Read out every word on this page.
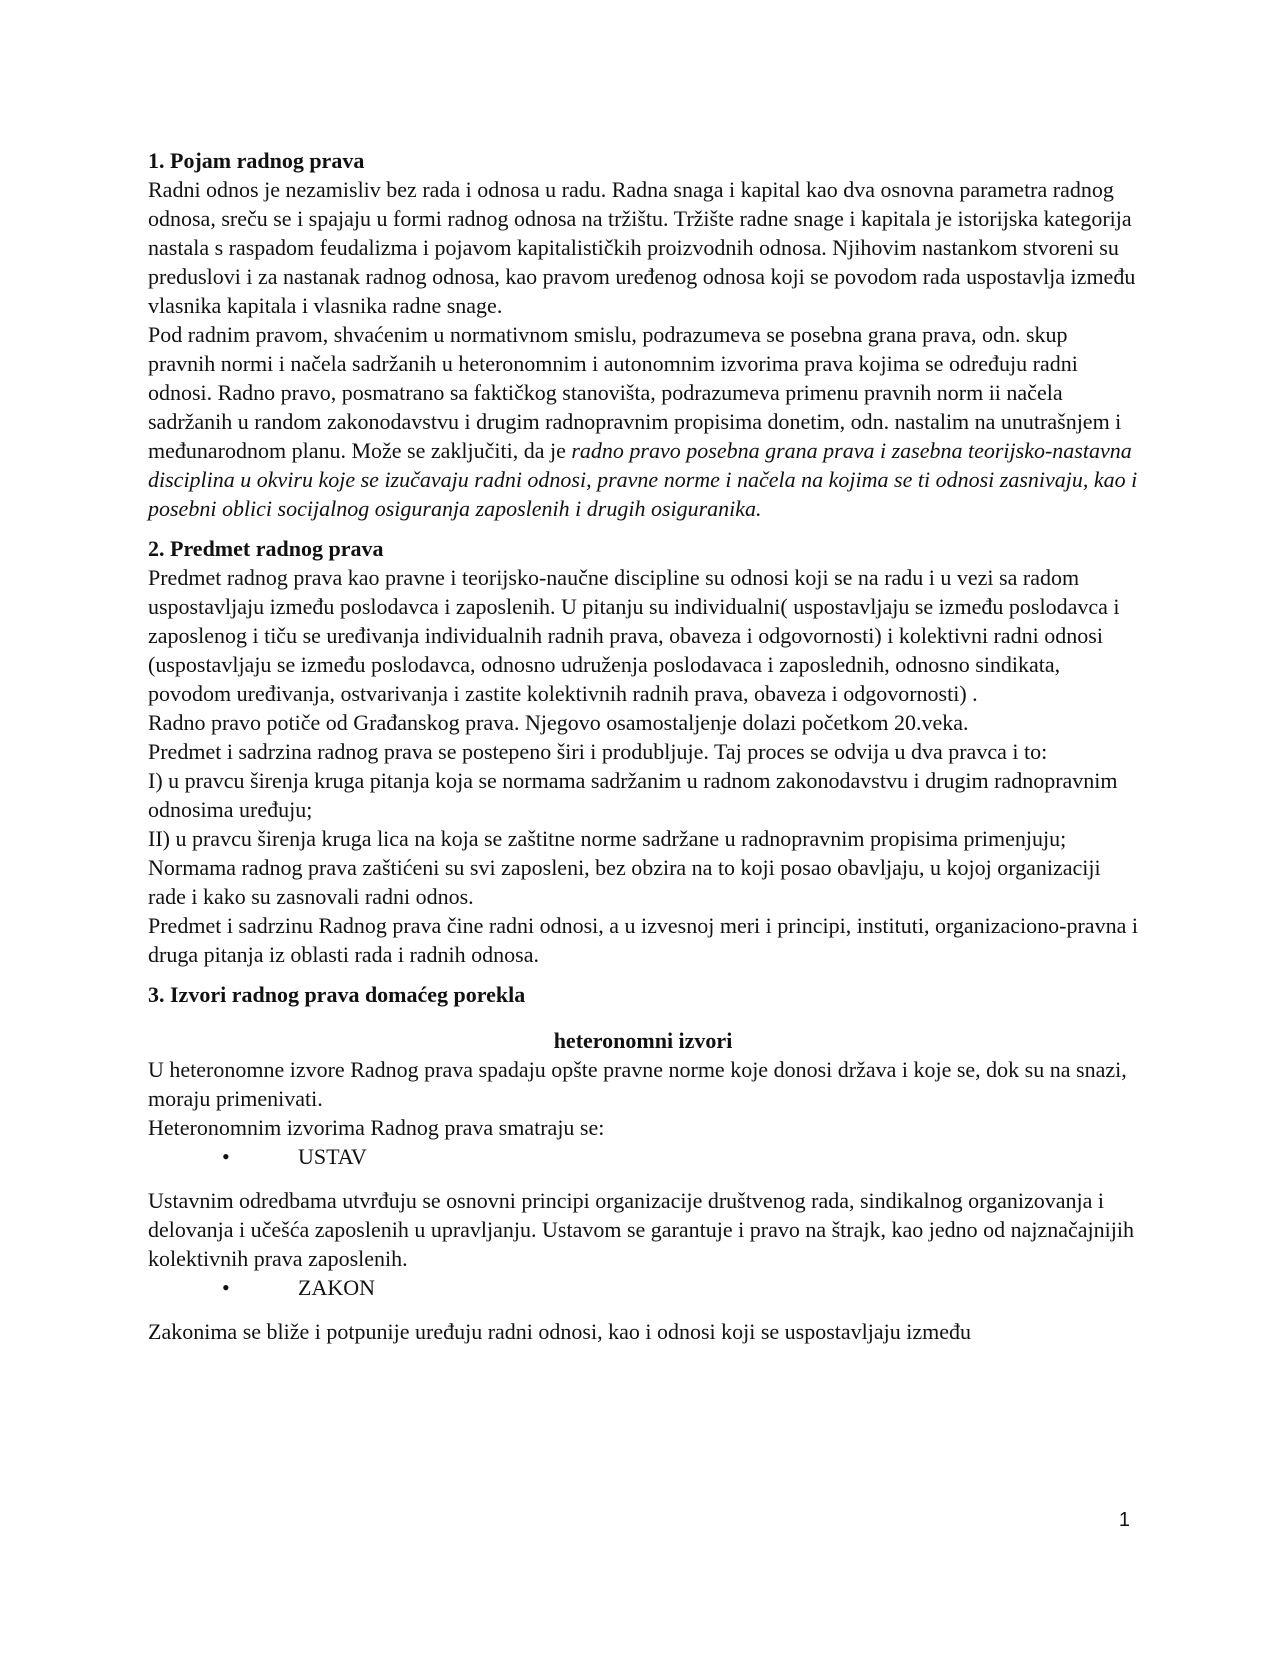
1. Pojam radnog prava

Radni odnos je nezamisliv bez rada i odnosa u radu. Radna snaga i kapital kao dva osnovna parametra radnog odnosa, sreču se i spajaju u formi radnog odnosa na tržištu. Tržište radne snage i kapitala je istorijska kategorija nastala s raspadom feudalizma i pojavom kapitalističkih proizvodnih odnosa. Njihovim nastankom stvoreni su preduslovi i za nastanak radnog odnosa, kao pravom uređenog odnosa koji se povodom rada uspostavlja između vlasnika kapitala i vlasnika radne snage.

Pod radnim pravom, shvaćenim u normativnom smislu, podrazumeva se posebna grana prava, odn. skup pravnih normi i načela sadržanih u heteronomnim i autonomnim izvorima prava kojima se određuju radni odnosi. Radno pravo, posmatrano sa faktičkog stanovišta, podrazumeva primenu pravnih norm ii načela sadržanih u random zakonodavstvu i drugim radnopravnim propisima donetim, odn. nastalim na unutrašnjem i međunarodnom planu. Može se zaključiti, da je radno pravo posebna grana prava i zasebna teorijsko-nastavna disciplina u okviru koje se izučavaju radni odnosi, pravne norme i načela na kojima se ti odnosi zasnivaju, kao i posebni oblici socijalnog osiguranja zaposlenih i drugih osiguranika.

2. Predmet radnog prava

Predmet radnog prava kao pravne i teorijsko-naučne discipline su odnosi koji se na radu i u vezi sa radom uspostavljaju između poslodavca i zaposlenih. U pitanju su individualni( uspostavljaju se između poslodavca i zaposlenog i tiču se uređivanja individualnih radnih prava, obaveza i odgovornosti) i kolektivni radni odnosi (uspostavljaju se između poslodavca, odnosno udruženja poslodavaca i zaposlednih, odnosno sindikata, povodom uređivanja, ostvarivanja i zastite kolektivnih radnih prava, obaveza i odgovornosti) .

Radno pravo potiče od Građanskog prava. Njegovo osamostaljenje dolazi početkom 20.veka.

Predmet i sadrzina radnog prava se postepeno širi i produbljuje. Taj proces se odvija u dva pravca i to:

I) u pravcu širenja kruga pitanja koja se normama sadržanim u radnom zakonodavstvu i drugim radnopravnim odnosima uređuju;

II) u pravcu širenja kruga lica na koja se zaštitne norme sadržane u radnopravnim propisima primenjuju;

Normama radnog prava zaštićeni su svi zaposleni, bez obzira na to koji posao obavljaju, u kojoj organizaciji rade i kako su zasnovali radni odnos.

Predmet i sadrzinu Radnog prava čine radni odnosi, a u izvesnoj meri i principi, instituti, organizaciono-pravna i druga pitanja iz oblasti rada i radnih odnosa.

3. Izvori radnog prava domaćeg porekla

heteronomni izvori

U heteronomne izvore Radnog prava spadaju opšte pravne norme koje donosi država i koje se, dok su na snazi, moraju primenivati.

Heteronomnim izvorima Radnog prava smatraju se:

•	USTAV

Ustavnim odredbama utvrđuju se osnovni principi organizacije društvenog rada, sindikalnog organizovanja i delovanja i učešća zaposlenih u upravljanju. Ustavom se garantuje i pravo na štrajk, kao jedno od najznačajnijih kolektivnih prava zaposlenih.

•	ZAKON

Zakonima se bliže i potpunije uređuju radni odnosi, kao i odnosi koji se uspostavljaju između

1
